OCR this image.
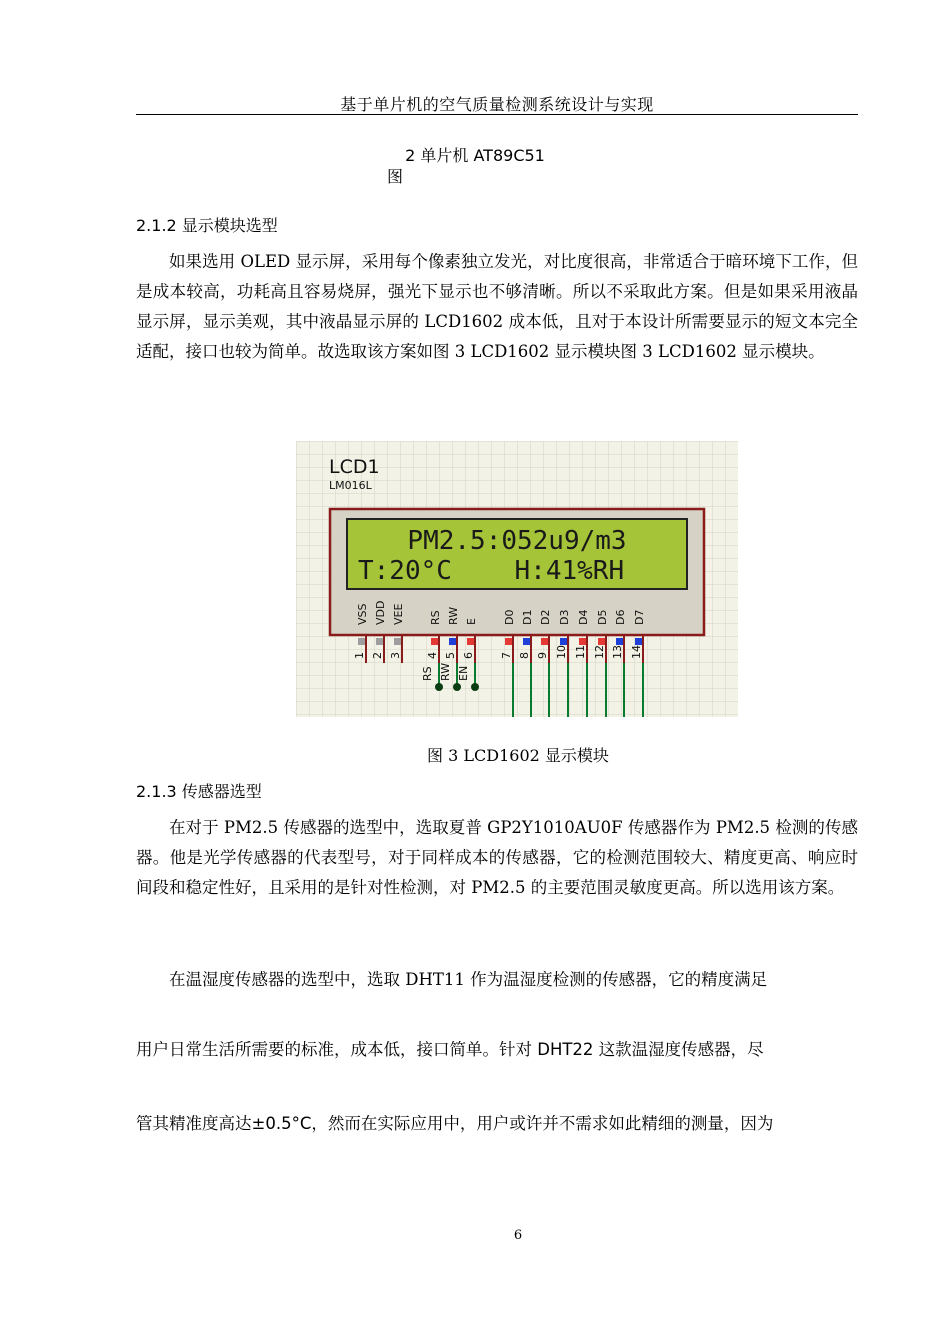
基于单片机的空气质量检测系统设计与实现
2 单片机 AT89C51
图
2.1.2 显示模块选型

如果选用 OLED 显示屏，采用每个像素独立发光，对比度很高，非常适合于暗环境下工作，但是成本较高，功耗高且容易烧屏，强光下显示也不够清晰。所以不采取此方案。但是如果采用液晶显示屏，显示美观，其中液晶显示屏的 LCD1602 成本低，且对于本设计所需要显示的短文本完全适配，接口也较为简单。故选取该方案如图 3 LCD1602 显示模块图 3 LCD1602 显示模块。

LCD1
LM016L
PM2.5:052u9/m3
T:20°C    H:41%RH
VSS
1
VDD
2
VEE
3
RS
4
RS
RW
5
RW
E
6
EN
D0
7
D1
8
D2
9
D3
10
D4
11
D5
12
D6
13
D7
14
图 3 LCD1602 显示模块
2.1.3 传感器选型

在对于 PM2.5 传感器的选型中，选取夏普 GP2Y1010AU0F 传感器作为 PM2.5 检测的传感器。他是光学传感器的代表型号，对于同样成本的传感器，它的检测范围较大、精度更高、响应时间段和稳定性好，且采用的是针对性检测，对 PM2.5 的主要范围灵敏度更高。所以选用该方案。

在温湿度传感器的选型中，选取 DHT11 作为温湿度检测的传感器，它的精度满足

用户日常生活所需要的标准，成本低，接口简单。针对 DHT22 这款温湿度传感器，尽

管其精准度高达±0.5°C，然而在实际应用中，用户或许并不需求如此精细的测量，因为

6
